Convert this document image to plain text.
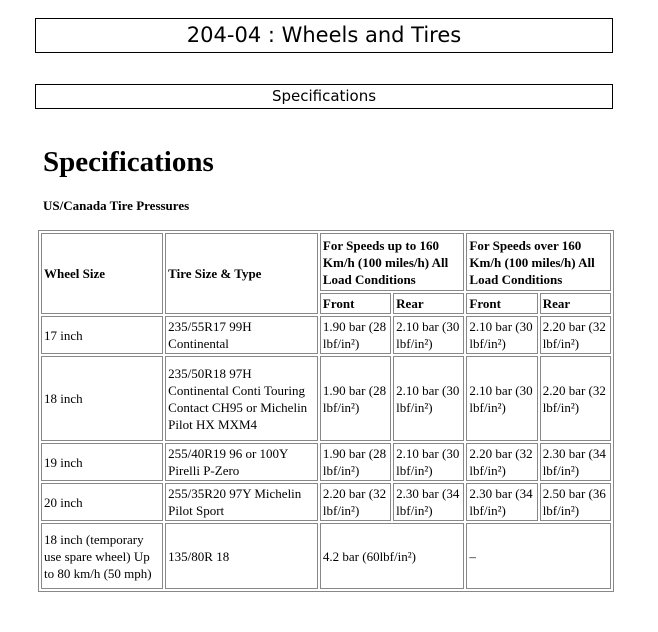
204-04 : Wheels and Tires
Specifications
Specifications
US/Canada Tire Pressures
Wheel Size	Tire Size & Type	For Speeds up to 160 Km/h (100 miles/h) All Load Conditions		For Speeds over 160 Km/h (100 miles/h) All Load Conditions	
		Front	Rear	Front	Rear
17 inch	235/55R17 99H Continental	1.90 bar (28 lbf/in²)	2.10 bar (30 lbf/in²)	2.10 bar (30 lbf/in²)	2.20 bar (32 lbf/in²)
18 inch	235/50R18 97H Continental Conti Touring Contact CH95 or Michelin Pilot HX MXM4	1.90 bar (28 lbf/in²)	2.10 bar (30 lbf/in²)	2.10 bar (30 lbf/in²)	2.20 bar (32 lbf/in²)
19 inch	255/40R19 96 or 100Y Pirelli P-Zero	1.90 bar (28 lbf/in²)	2.10 bar (30 lbf/in²)	2.20 bar (32 lbf/in²)	2.30 bar (34 lbf/in²)
20 inch	255/35R20 97Y Michelin Pilot Sport	2.20 bar (32 lbf/in²)	2.30 bar (34 lbf/in²)	2.30 bar (34 lbf/in²)	2.50 bar (36 lbf/in²)
18 inch (temporary use spare wheel) Up to 80 km/h (50 mph)	135/80R 18	4.2 bar (60lbf/in²)		–	
